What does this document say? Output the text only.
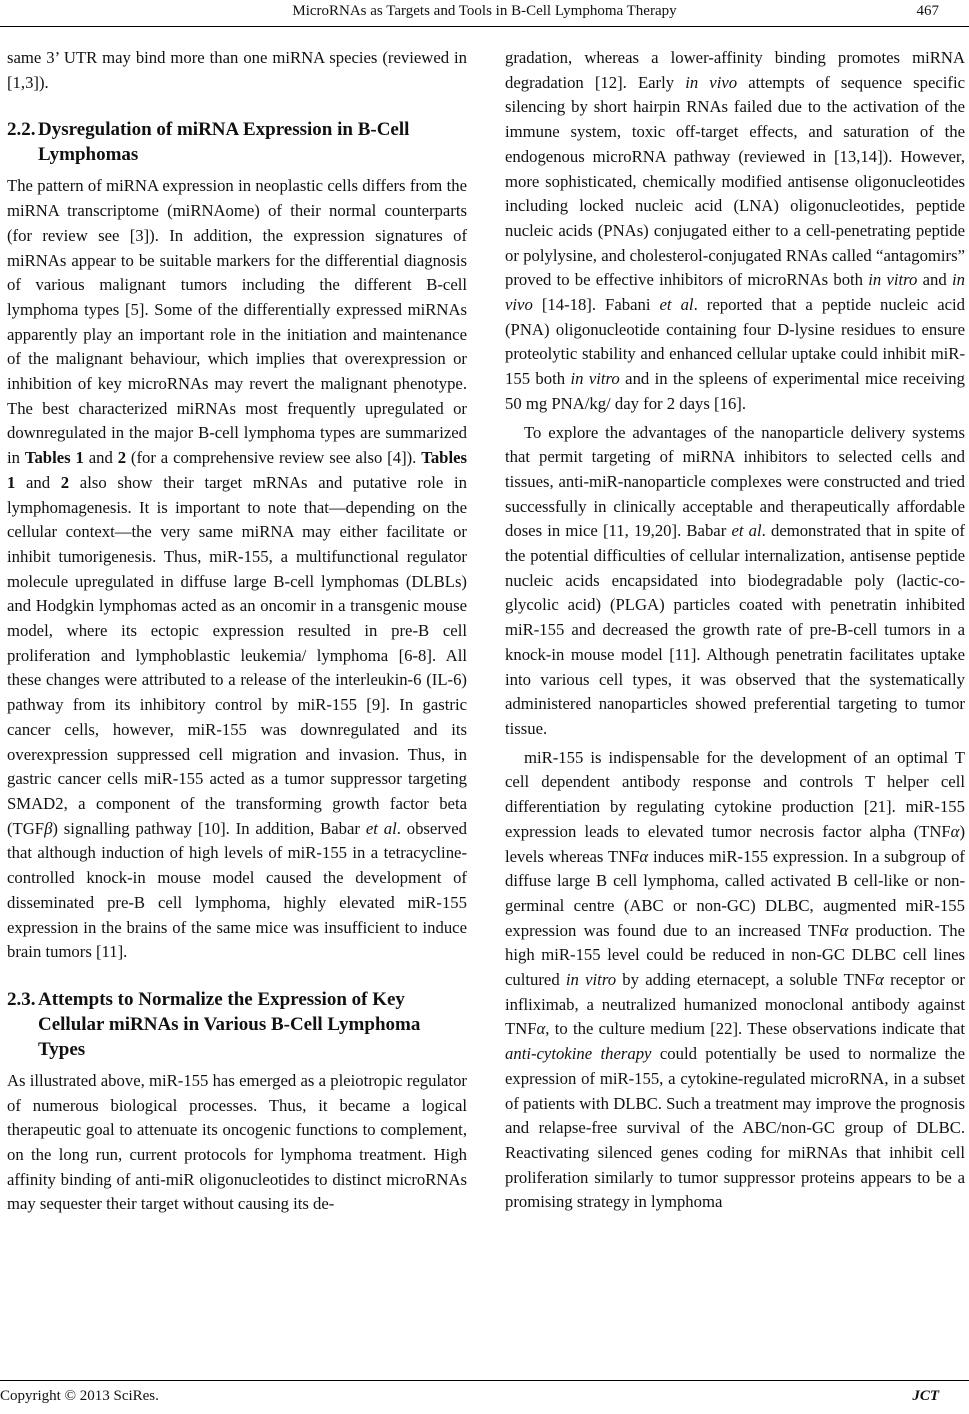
MicroRNAs as Targets and Tools in B-Cell Lymphoma Therapy	467

same 3’ UTR may bind more than one miRNA species (reviewed in [1,3]).

2.2. Dysregulation of miRNA Expression in B-Cell Lymphomas

The pattern of miRNA expression in neoplastic cells differs from the miRNA transcriptome (miRNAome) of their normal counterparts (for review see [3]). In addition, the expression signatures of miRNAs appear to be suitable markers for the differential diagnosis of various malignant tumors including the different B-cell lymphoma types [5]. Some of the differentially expressed miRNAs apparently play an important role in the initiation and maintenance of the malignant behaviour, which implies that overexpression or inhibition of key microRNAs may revert the malignant phenotype. The best characterized miRNAs most frequently upregulated or downregulated in the major B-cell lymphoma types are summarized in Tables 1 and 2 (for a comprehensive review see also [4]). Tables 1 and 2 also show their target mRNAs and putative role in lymphomagenesis. It is important to note that—depending on the cellular context—the very same miRNA may either facilitate or inhibit tumorigenesis. Thus, miR-155, a multifunctional regulator molecule upregulated in diffuse large B-cell lymphomas (DLBLs) and Hodgkin lymphomas acted as an oncomir in a transgenic mouse model, where its ectopic expression resulted in pre-B cell proliferation and lymphoblastic leukemia/ lymphoma [6-8]. All these changes were attributed to a release of the interleukin-6 (IL-6) pathway from its inhibitory control by miR-155 [9]. In gastric cancer cells, however, miR-155 was downregulated and its overexpression suppressed cell migration and invasion. Thus, in gastric cancer cells miR-155 acted as a tumor suppressor targeting SMAD2, a component of the transforming growth factor beta (TGFβ) signalling pathway [10]. In addition, Babar et al. observed that although induction of high levels of miR-155 in a tetracycline-controlled knock-in mouse model caused the development of disseminated pre-B cell lymphoma, highly elevated miR-155 expression in the brains of the same mice was insufficient to induce brain tumors [11].

2.3. Attempts to Normalize the Expression of Key Cellular miRNAs in Various B-Cell Lymphoma Types

As illustrated above, miR-155 has emerged as a pleiotropic regulator of numerous biological processes. Thus, it became a logical therapeutic goal to attenuate its oncogenic functions to complement, on the long run, current protocols for lymphoma treatment. High affinity binding of anti-miR oligonucleotides to distinct microRNAs may sequester their target without causing its de-

gradation, whereas a lower-affinity binding promotes miRNA degradation [12]. Early in vivo attempts of sequence specific silencing by short hairpin RNAs failed due to the activation of the immune system, toxic off-target effects, and saturation of the endogenous microRNA pathway (reviewed in [13,14]). However, more sophisticated, chemically modified antisense oligonucleotides including locked nucleic acid (LNA) oligonucleotides, peptide nucleic acids (PNAs) conjugated either to a cell-penetrating peptide or polylysine, and cholesterol-conjugated RNAs called “antagomirs” proved to be effective inhibitors of microRNAs both in vitro and in vivo [14-18]. Fabani et al. reported that a peptide nucleic acid (PNA) oligonucleotide containing four D-lysine residues to ensure proteolytic stability and enhanced cellular uptake could inhibit miR-155 both in vitro and in the spleens of experimental mice receiving 50 mg PNA/kg/ day for 2 days [16].

To explore the advantages of the nanoparticle delivery systems that permit targeting of miRNA inhibitors to selected cells and tissues, anti-miR-nanoparticle complexes were constructed and tried successfully in clinically acceptable and therapeutically affordable doses in mice [11, 19,20]. Babar et al. demonstrated that in spite of the potential difficulties of cellular internalization, antisense peptide nucleic acids encapsidated into biodegradable poly (lactic-co-glycolic acid) (PLGA) particles coated with penetratin inhibited miR-155 and decreased the growth rate of pre-B-cell tumors in a knock-in mouse model [11]. Although penetratin facilitates uptake into various cell types, it was observed that the systematically administered nanoparticles showed preferential targeting to tumor tissue.

miR-155 is indispensable for the development of an optimal T cell dependent antibody response and controls T helper cell differentiation by regulating cytokine production [21]. miR-155 expression leads to elevated tumor necrosis factor alpha (TNFα) levels whereas TNFα induces miR-155 expression. In a subgroup of diffuse large B cell lymphoma, called activated B cell-like or non-germinal centre (ABC or non-GC) DLBC, augmented miR-155 expression was found due to an increased TNFα production. The high miR-155 level could be reduced in non-GC DLBC cell lines cultured in vitro by adding eternacept, a soluble TNFα receptor or infliximab, a neutralized humanized monoclonal antibody against TNFα, to the culture medium [22]. These observations indicate that anti-cytokine therapy could potentially be used to normalize the expression of miR-155, a cytokine-regulated microRNA, in a subset of patients with DLBC. Such a treatment may improve the prognosis and relapse-free survival of the ABC/non-GC group of DLBC. Reactivating silenced genes coding for miRNAs that inhibit cell proliferation similarly to tumor suppressor proteins appears to be a promising strategy in lymphoma

Copyright © 2013 SciRes.	JCT
